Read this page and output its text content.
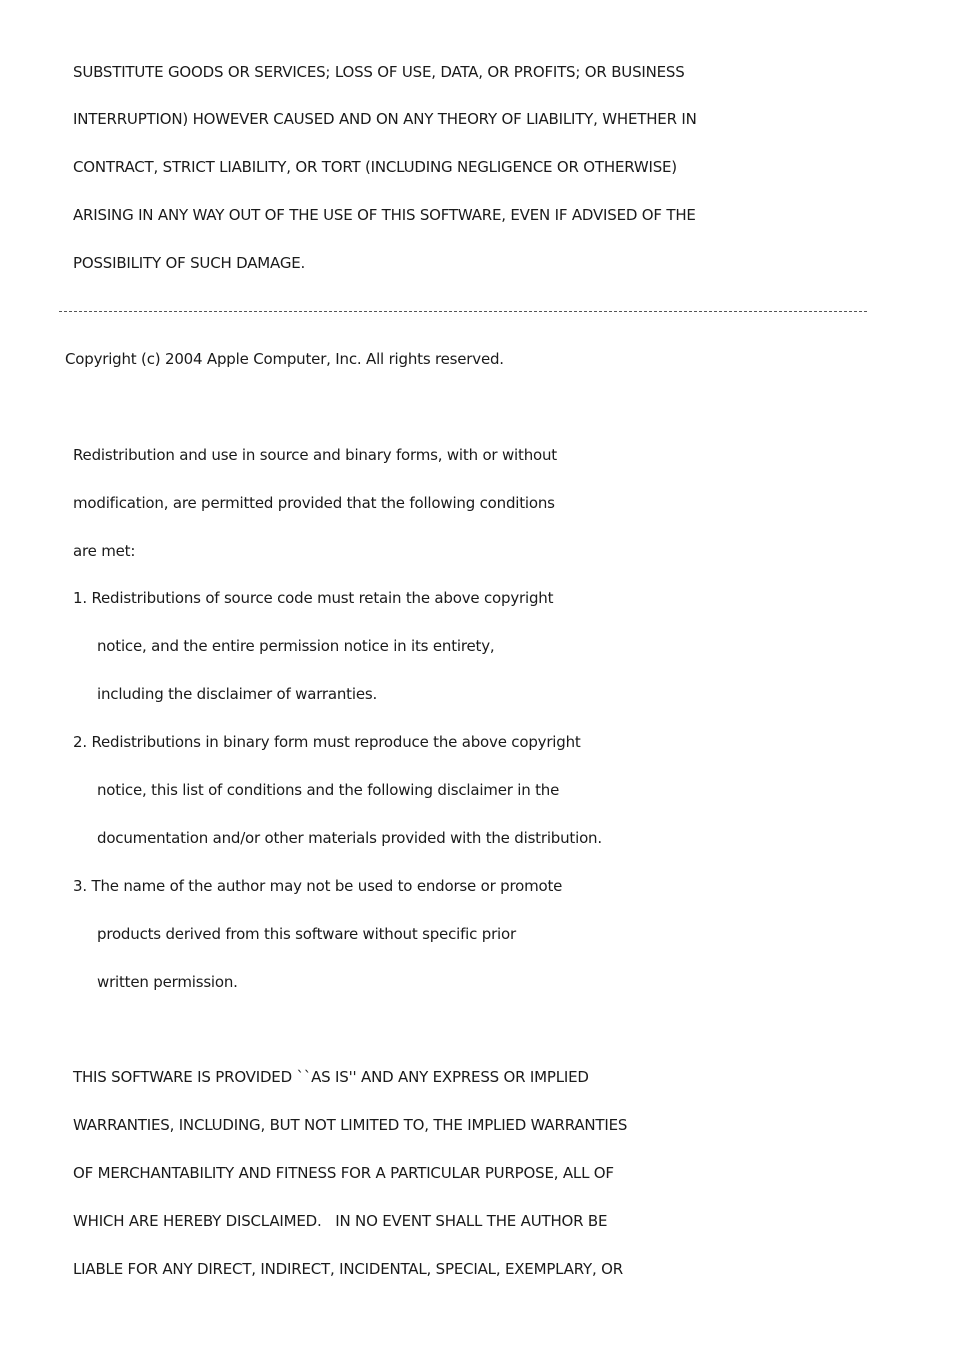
SUBSTITUTE GOODS OR SERVICES; LOSS OF USE, DATA, OR PROFITS; OR BUSINESS
INTERRUPTION) HOWEVER CAUSED AND ON ANY THEORY OF LIABILITY, WHETHER IN
CONTRACT, STRICT LIABILITY, OR TORT (INCLUDING NEGLIGENCE OR OTHERWISE)
ARISING IN ANY WAY OUT OF THE USE OF THIS SOFTWARE, EVEN IF ADVISED OF THE
POSSIBILITY OF SUCH DAMAGE.
Copyright (c) 2004 Apple Computer, Inc. All rights reserved.
Redistribution and use in source and binary forms, with or without
modification, are permitted provided that the following conditions
are met:
1. Redistributions of source code must retain the above copyright
notice, and the entire permission notice in its entirety,
including the disclaimer of warranties.
2. Redistributions in binary form must reproduce the above copyright
notice, this list of conditions and the following disclaimer in the
documentation and/or other materials provided with the distribution.
3. The name of the author may not be used to endorse or promote
products derived from this software without specific prior
written permission.
THIS SOFTWARE IS PROVIDED ``AS IS'' AND ANY EXPRESS OR IMPLIED
WARRANTIES, INCLUDING, BUT NOT LIMITED TO, THE IMPLIED WARRANTIES
OF MERCHANTABILITY AND FITNESS FOR A PARTICULAR PURPOSE, ALL OF
WHICH ARE HEREBY DISCLAIMED.   IN NO EVENT SHALL THE AUTHOR BE
LIABLE FOR ANY DIRECT, INDIRECT, INCIDENTAL, SPECIAL, EXEMPLARY, OR
